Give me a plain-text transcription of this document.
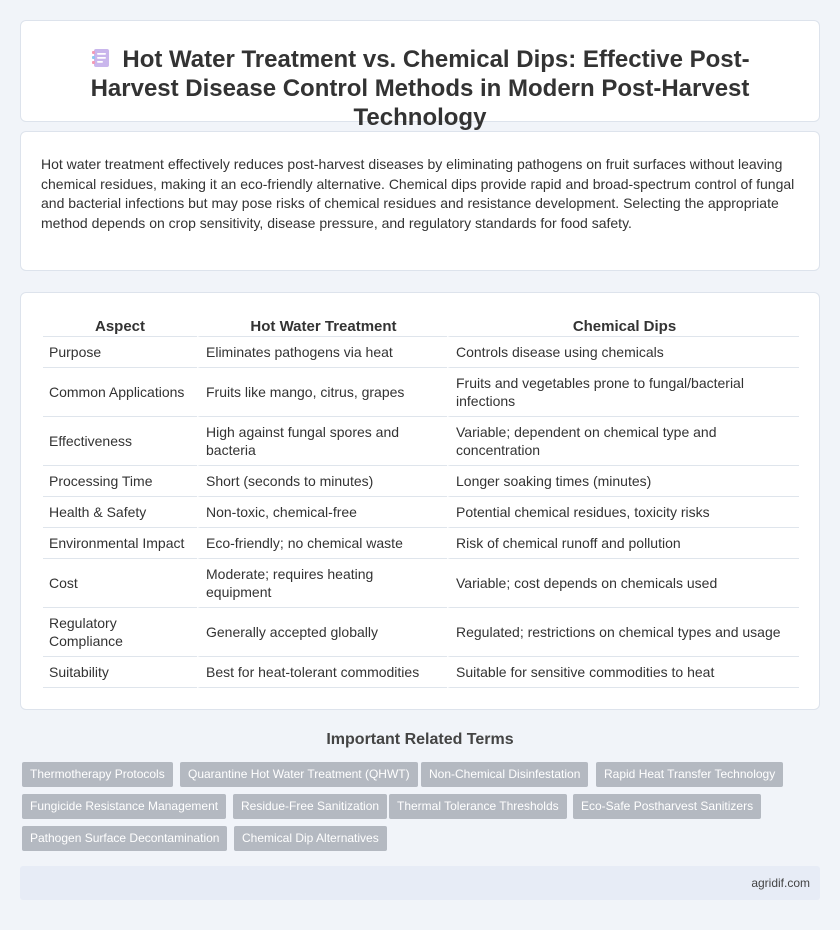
Hot Water Treatment vs. Chemical Dips: Effective Post-Harvest Disease Control Methods in Modern Post-Harvest Technology

Hot water treatment effectively reduces post-harvest diseases by eliminating pathogens on fruit surfaces without leaving chemical residues, making it an eco-friendly alternative. Chemical dips provide rapid and broad-spectrum control of fungal and bacterial infections but may pose risks of chemical residues and resistance development. Selecting the appropriate method depends on crop sensitivity, disease pressure, and regulatory standards for food safety.

Aspect	Hot Water Treatment	Chemical Dips
Purpose	Eliminates pathogens via heat	Controls disease using chemicals
Common Applications	Fruits like mango, citrus, grapes	Fruits and vegetables prone to fungal/bacterial infections
Effectiveness	High against fungal spores and bacteria	Variable; dependent on chemical type and concentration
Processing Time	Short (seconds to minutes)	Longer soaking times (minutes)
Health & Safety	Non-toxic, chemical-free	Potential chemical residues, toxicity risks
Environmental Impact	Eco-friendly; no chemical waste	Risk of chemical runoff and pollution
Cost	Moderate; requires heating equipment	Variable; cost depends on chemicals used
Regulatory Compliance	Generally accepted globally	Regulated; restrictions on chemical types and usage
Suitability	Best for heat-tolerant commodities	Suitable for sensitive commodities to heat
Important Related Terms
Thermotherapy Protocols	Quarantine Hot Water Treatment (QHWT)	Non-Chemical Disinfestation	Rapid Heat Transfer Technology
Fungicide Resistance Management	Residue-Free Sanitization	Thermal Tolerance Thresholds	Eco-Safe Postharvest Sanitizers
Pathogen Surface Decontamination	Chemical Dip Alternatives
agridif.com
